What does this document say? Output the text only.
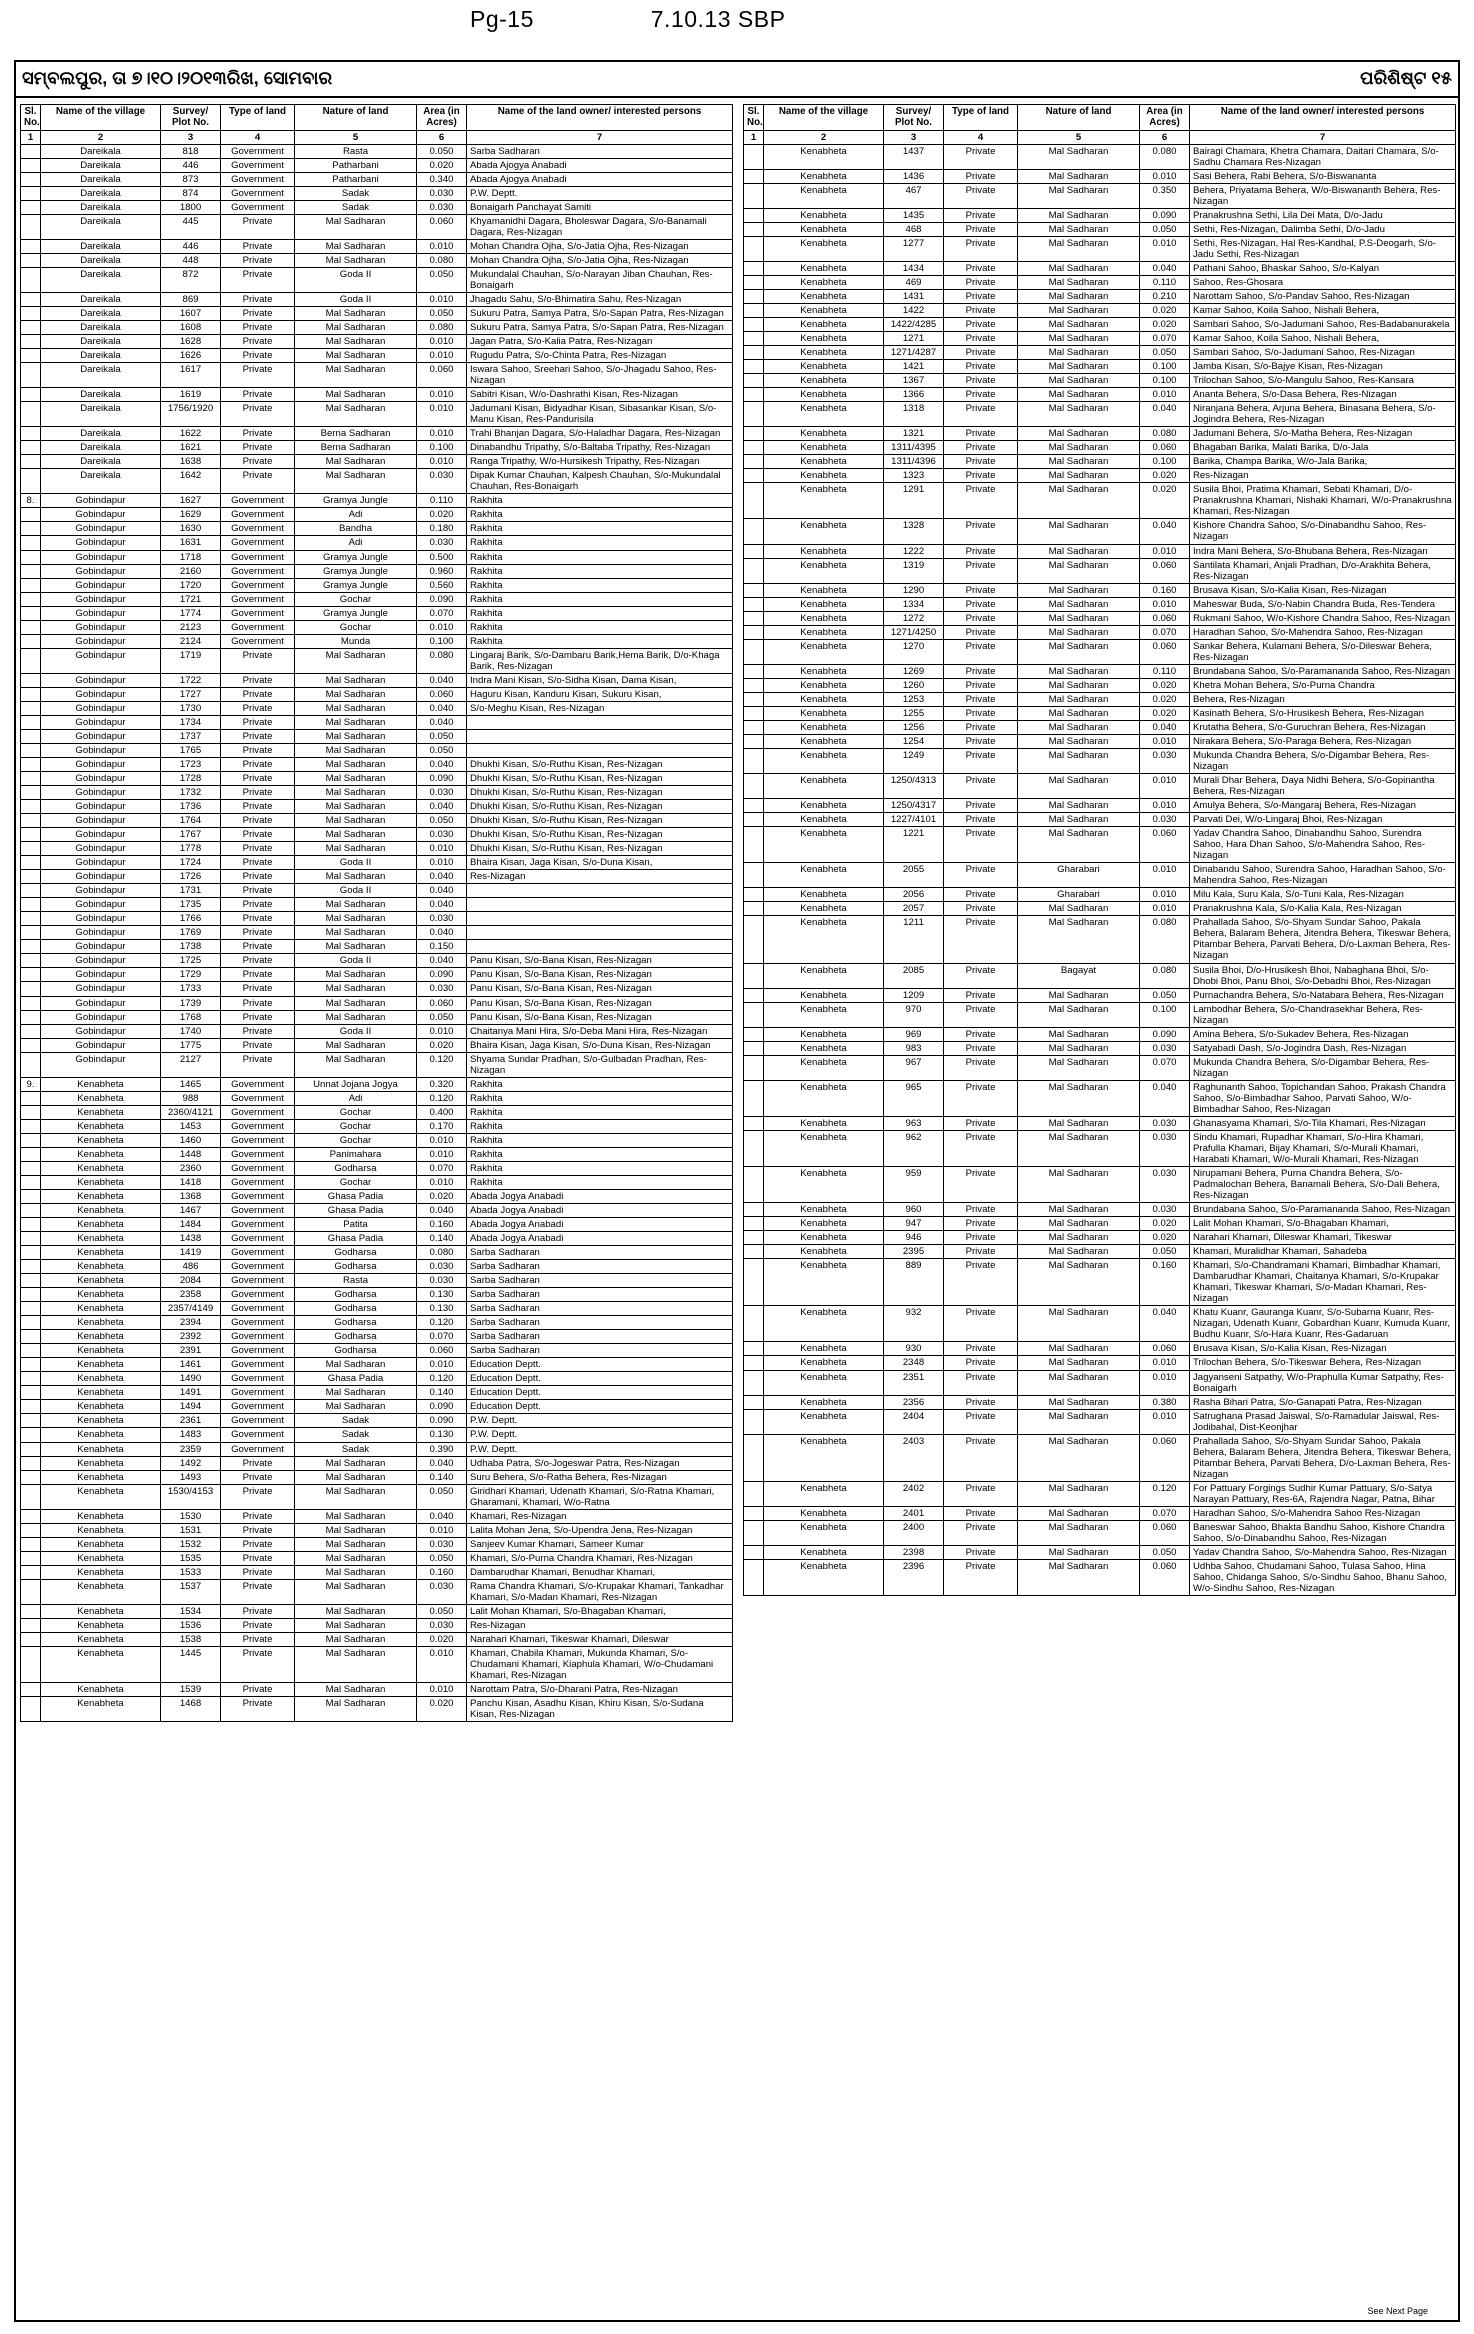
Pg-15	7.10.13 SBP
ସମ୍ବଲପୁର, ତା ୭।୧୦।୨୦୧୩ରିଖ, ସୋମବାର	ପରିଶିଷ୍ଟ ୧୫
Sl. No.	Name of the village	Survey/ Plot No.	Type of land	Nature of land	Area (in Acres)	Name of the land owner/ interested persons
1	2	3	4	5	6	7
	Dareikala	818	Government	Rasta	0.050	Sarba Sadharan
	Dareikala	446	Government	Patharbani	0.020	Abada Ajogya Anabadi
	Dareikala	873	Government	Patharbani	0.340	Abada Ajogya Anabadi
	Dareikala	874	Government	Sadak	0.030	P.W. Deptt.
	Dareikala	1800	Government	Sadak	0.030	Bonaigarh Panchayat Samiti
	Dareikala	445	Private	Mal Sadharan	0.060	Khyamanidhi Dagara, Bholeswar Dagara, S/o-Banamali Dagara, Res-Nizagan
	Dareikala	446	Private	Mal Sadharan	0.010	Mohan Chandra Ojha, S/o-Jatia Ojha, Res-Nizagan
	Dareikala	448	Private	Mal Sadharan	0.080	Mohan Chandra Ojha, S/o-Jatia Ojha, Res-Nizagan
	Dareikala	872	Private	Goda II	0.050	Mukundalal Chauhan, S/o-Narayan Jiban Chauhan, Res-Bonaigarh
	Dareikala	869	Private	Goda II	0.010	Jhagadu Sahu, S/o-Bhimatira Sahu, Res-Nizagan
	Dareikala	1607	Private	Mal Sadharan	0.050	Sukuru Patra, Samya Patra, S/o-Sapan Patra, Res-Nizagan
	Dareikala	1608	Private	Mal Sadharan	0.080	Sukuru Patra, Samya Patra, S/o-Sapan Patra, Res-Nizagan
	Dareikala	1628	Private	Mal Sadharan	0.010	Jagan Patra, S/o-Kalia Patra, Res-Nizagan
	Dareikala	1626	Private	Mal Sadharan	0.010	Rugudu Patra, S/o-Chinta Patra, Res-Nizagan
	Dareikala	1617	Private	Mal Sadharan	0.060	Iswara Sahoo, Sreehari Sahoo, S/o-Jhagadu Sahoo, Res-Nizagan
	Dareikala	1619	Private	Mal Sadharan	0.010	Sabitri Kisan, W/o-Dashrathi Kisan, Res-Nizagan
	Dareikala	1756/1920	Private	Mal Sadharan	0.010	Jadumani Kisan, Bidyadhar Kisan, Sibasankar Kisan, S/o-Manu Kisan, Res-Pandurisila
	Dareikala	1622	Private	Berna Sadharan	0.010	Trahi Bhanjan Dagara, S/o-Haladhar Dagara, Res-Nizagan
	Dareikala	1621	Private	Berna Sadharan	0.100	Dinabandhu Tripathy, S/o-Baltaba Tripathy, Res-Nizagan
	Dareikala	1638	Private	Mal Sadharan	0.010	Ranga Tripathy, W/o-Hursikesh Tripathy, Res-Nizagan
	Dareikala	1642	Private	Mal Sadharan	0.030	Dipak Kumar Chauhan, Kalpesh Chauhan, S/o-Mukundalal Chauhan, Res-Bonaigarh
8.	Gobindapur	1627	Government	Gramya Jungle	0.110	Rakhita
	Gobindapur	1629	Government	Adi	0.020	Rakhita
	Gobindapur	1630	Government	Bandha	0.180	Rakhita
	Gobindapur	1631	Government	Adi	0.030	Rakhita
	Gobindapur	1718	Government	Gramya Jungle	0.500	Rakhita
	Gobindapur	2160	Government	Gramya Jungle	0.960	Rakhita
	Gobindapur	1720	Government	Gramya Jungle	0.560	Rakhita
	Gobindapur	1721	Government	Gochar	0.090	Rakhita
	Gobindapur	1774	Government	Gramya Jungle	0.070	Rakhita
	Gobindapur	2123	Government	Gochar	0.010	Rakhita
	Gobindapur	2124	Government	Munda	0.100	Rakhita
	Gobindapur	1719	Private	Mal Sadharan	0.080	Lingaraj Barik, S/o-Dambaru Barik,Hema Barik, D/o-Khaga Barik, Res-Nizagan
	Gobindapur	1722	Private	Mal Sadharan	0.040	Indra Mani Kisan, S/o-Sidha Kisan, Dama Kisan,
	Gobindapur	1727	Private	Mal Sadharan	0.060	Haguru Kisan, Kanduru Kisan, Sukuru Kisan,
	Gobindapur	1730	Private	Mal Sadharan	0.040	S/o-Meghu Kisan, Res-Nizagan
	Gobindapur	1734	Private	Mal Sadharan	0.040	
	Gobindapur	1737	Private	Mal Sadharan	0.050	
	Gobindapur	1765	Private	Mal Sadharan	0.050	
	Gobindapur	1723	Private	Mal Sadharan	0.040	Dhukhi Kisan, S/o-Ruthu Kisan, Res-Nizagan
	Gobindapur	1728	Private	Mal Sadharan	0.090	Dhukhi Kisan, S/o-Ruthu Kisan, Res-Nizagan
	Gobindapur	1732	Private	Mal Sadharan	0.030	Dhukhi Kisan, S/o-Ruthu Kisan, Res-Nizagan
	Gobindapur	1736	Private	Mal Sadharan	0.040	Dhukhi Kisan, S/o-Ruthu Kisan, Res-Nizagan
	Gobindapur	1764	Private	Mal Sadharan	0.050	Dhukhi Kisan, S/o-Ruthu Kisan, Res-Nizagan
	Gobindapur	1767	Private	Mal Sadharan	0.030	Dhukhi Kisan, S/o-Ruthu Kisan, Res-Nizagan
	Gobindapur	1778	Private	Mal Sadharan	0.010	Dhukhi Kisan, S/o-Ruthu Kisan, Res-Nizagan
	Gobindapur	1724	Private	Goda II	0.010	Bhaira Kisan, Jaga Kisan, S/o-Duna Kisan,
	Gobindapur	1726	Private	Mal Sadharan	0.040	Res-Nizagan
	Gobindapur	1731	Private	Goda II	0.040	
	Gobindapur	1735	Private	Mal Sadharan	0.040	
	Gobindapur	1766	Private	Mal Sadharan	0.030	
	Gobindapur	1769	Private	Mal Sadharan	0.040	
	Gobindapur	1738	Private	Mal Sadharan	0.150	
	Gobindapur	1725	Private	Goda II	0.040	Panu Kisan, S/o-Bana Kisan, Res-Nizagan
	Gobindapur	1729	Private	Mal Sadharan	0.090	Panu Kisan, S/o-Bana Kisan, Res-Nizagan
	Gobindapur	1733	Private	Mal Sadharan	0.030	Panu Kisan, S/o-Bana Kisan, Res-Nizagan
	Gobindapur	1739	Private	Mal Sadharan	0.060	Panu Kisan, S/o-Bana Kisan, Res-Nizagan
	Gobindapur	1768	Private	Mal Sadharan	0.050	Panu Kisan, S/o-Bana Kisan, Res-Nizagan
	Gobindapur	1740	Private	Goda II	0.010	Chaitanya Mani Hira, S/o-Deba Mani Hira, Res-Nizagan
	Gobindapur	1775	Private	Mal Sadharan	0.020	Bhaira Kisan, Jaga Kisan, S/o-Duna Kisan, Res-Nizagan
	Gobindapur	2127	Private	Mal Sadharan	0.120	Shyama Sundar Pradhan, S/o-Gulbadan Pradhan, Res-Nizagan
9.	Kenabheta	1465	Government	Unnat Jojana Jogya	0.320	Rakhita
	Kenabheta	988	Government	Adi	0.120	Rakhita
	Kenabheta	2360/4121	Government	Gochar	0.400	Rakhita
	Kenabheta	1453	Government	Gochar	0.170	Rakhita
	Kenabheta	1460	Government	Gochar	0.010	Rakhita
	Kenabheta	1448	Government	Panimahara	0.010	Rakhita
	Kenabheta	2360	Government	Godharsa	0.070	Rakhita
	Kenabheta	1418	Government	Gochar	0.010	Rakhita
	Kenabheta	1368	Government	Ghasa Padia	0.020	Abada Jogya Anabadi
	Kenabheta	1467	Government	Ghasa Padia	0.040	Abada Jogya Anabadi
	Kenabheta	1484	Government	Patita	0.160	Abada Jogya Anabadi
	Kenabheta	1438	Government	Ghasa Padia	0.140	Abada Jogya Anabadi
	Kenabheta	1419	Government	Godharsa	0.080	Sarba Sadharan
	Kenabheta	486	Government	Godharsa	0.030	Sarba Sadharan
	Kenabheta	2084	Government	Rasta	0.030	Sarba Sadharan
	Kenabheta	2358	Government	Godharsa	0.130	Sarba Sadharan
	Kenabheta	2357/4149	Government	Godharsa	0.130	Sarba Sadharan
	Kenabheta	2394	Government	Godharsa	0.120	Sarba Sadharan
	Kenabheta	2392	Government	Godharsa	0.070	Sarba Sadharan
	Kenabheta	2391	Government	Godharsa	0.060	Sarba Sadharan
	Kenabheta	1461	Government	Mal Sadharan	0.010	Education Deptt.
	Kenabheta	1490	Government	Ghasa Padia	0.120	Education Deptt.
	Kenabheta	1491	Government	Mal Sadharan	0.140	Education Deptt.
	Kenabheta	1494	Government	Mal Sadharan	0.090	Education Deptt.
	Kenabheta	2361	Government	Sadak	0.090	P.W. Deptt.
	Kenabheta	1483	Government	Sadak	0.130	P.W. Deptt.
	Kenabheta	2359	Government	Sadak	0.390	P.W. Deptt.
	Kenabheta	1492	Private	Mal Sadharan	0.040	Udhaba Patra, S/o-Jogeswar Patra, Res-Nizagan
	Kenabheta	1493	Private	Mal Sadharan	0.140	Suru Behera, S/o-Ratha Behera, Res-Nizagan
	Kenabheta	1530/4153	Private	Mal Sadharan	0.050	Giridhari Khamari, Udenath Khamari, S/o-Ratna Khamari, Gharamani, Khamari, W/o-Ratna
	Kenabheta	1530	Private	Mal Sadharan	0.040	Khamari, Res-Nizagan
	Kenabheta	1531	Private	Mal Sadharan	0.010	Lalita Mohan Jena, S/o-Upendra Jena, Res-Nizagan
	Kenabheta	1532	Private	Mal Sadharan	0.030	Sanjeev Kumar Khamari, Sameer Kumar
	Kenabheta	1535	Private	Mal Sadharan	0.050	Khamari, S/o-Purna Chandra Khamari, Res-Nizagan
	Kenabheta	1533	Private	Mal Sadharan	0.160	Dambarudhar Khamari, Benudhar Khamari,
	Kenabheta	1537	Private	Mal Sadharan	0.030	Rama Chandra Khamari, S/o-Krupakar Khamari, Tankadhar Khamari, S/o-Madan Khamari, Res-Nizagan
	Kenabheta	1534	Private	Mal Sadharan	0.050	Lalit Mohan Khamari, S/o-Bhagaban Khamari,
	Kenabheta	1536	Private	Mal Sadharan	0.030	Res-Nizagan
	Kenabheta	1538	Private	Mal Sadharan	0.020	Narahari Khamari, Tikeswar Khamari, Dileswar
	Kenabheta	1445	Private	Mal Sadharan	0.010	Khamari, Chabila Khamari, Mukunda Khamari, S/o-Chudamani Khamari, Kiaphula Khamari, W/o-Chudamani Khamari, Res-Nizagan
	Kenabheta	1539	Private	Mal Sadharan	0.010	Narottam Patra, S/o-Dharani Patra, Res-Nizagan
	Kenabheta	1468	Private	Mal Sadharan	0.020	Panchu Kisan, Asadhu Kisan, Khiru Kisan, S/o-Sudana Kisan, Res-Nizagan
Sl. No.	Name of the village	Survey/ Plot No.	Type of land	Nature of land	Area (in Acres)	Name of the land owner/ interested persons
1	2	3	4	5	6	7
	Kenabheta	1437	Private	Mal Sadharan	0.080	Bairagi Chamara, Khetra Chamara, Daitari Chamara, S/o-Sadhu Chamara Res-Nizagan
	Kenabheta	1436	Private	Mal Sadharan	0.010	Sasi Behera, Rabi Behera, S/o-Biswananta
	Kenabheta	467	Private	Mal Sadharan	0.350	Behera, Priyatama Behera, W/o-Biswananth Behera, Res-Nizagan
	Kenabheta	1435	Private	Mal Sadharan	0.090	Pranakrushna Sethi, Lila Dei Mata, D/o-Jadu
	Kenabheta	468	Private	Mal Sadharan	0.050	Sethi, Res-Nizagan, Dalimba Sethi, D/o-Jadu
	Kenabheta	1277	Private	Mal Sadharan	0.010	Sethi, Res-Nizagan, Hal Res-Kandhal, P.S-Deogarh, S/o-Jadu Sethi, Res-Nizagan
	Kenabheta	1434	Private	Mal Sadharan	0.040	Pathani Sahoo, Bhaskar Sahoo, S/o-Kalyan
	Kenabheta	469	Private	Mal Sadharan	0.110	Sahoo, Res-Ghosara
	Kenabheta	1431	Private	Mal Sadharan	0.210	Narottam Sahoo, S/o-Pandav Sahoo, Res-Nizagan
	Kenabheta	1422	Private	Mal Sadharan	0.020	Kamar Sahoo, Koila Sahoo, Nishali Behera,
	Kenabheta	1422/4285	Private	Mal Sadharan	0.020	Sambari Sahoo, S/o-Jadumani Sahoo, Res-Badabanurakela
	Kenabheta	1271	Private	Mal Sadharan	0.070	Kamar Sahoo, Koila Sahoo, Nishali Behera,
	Kenabheta	1271/4287	Private	Mal Sadharan	0.050	Sambari Sahoo, S/o-Jadumani Sahoo, Res-Nizagan
	Kenabheta	1421	Private	Mal Sadharan	0.100	Jamba Kisan, S/o-Bajye Kisan, Res-Nizagan
	Kenabheta	1367	Private	Mal Sadharan	0.100	Trilochan Sahoo, S/o-Mangulu Sahoo, Res-Kansara
	Kenabheta	1366	Private	Mal Sadharan	0.010	Ananta Behera, S/o-Dasa Behera, Res-Nizagan
	Kenabheta	1318	Private	Mal Sadharan	0.040	Niranjana Behera, Arjuna Behera, Binasana Behera, S/o-Jogindra Behera, Res-Nizagan
	Kenabheta	1321	Private	Mal Sadharan	0.080	Jadumani Behera, S/o-Matha Behera, Res-Nizagan
	Kenabheta	1311/4395	Private	Mal Sadharan	0.060	Bhagaban Barika, Malati Barika, D/o-Jala
	Kenabheta	1311/4396	Private	Mal Sadharan	0.100	Barika, Champa Barika, W/o-Jala Barika,
	Kenabheta	1323	Private	Mal Sadharan	0.020	Res-Nizagan
	Kenabheta	1291	Private	Mal Sadharan	0.020	Susila Bhoi, Pratima Khamari, Sebati Khamari, D/o-Pranakrushna Khamari, Nishaki Khamari, W/o-Pranakrushna Khamari, Res-Nizagan
	Kenabheta	1328	Private	Mal Sadharan	0.040	Kishore Chandra Sahoo, S/o-Dinabandhu Sahoo, Res-Nizagan
	Kenabheta	1222	Private	Mal Sadharan	0.010	Indra Mani Behera, S/o-Bhubana Behera, Res-Nizagan
	Kenabheta	1319	Private	Mal Sadharan	0.060	Santilata Khamari, Anjali Pradhan, D/o-Arakhita Behera, Res-Nizagan
	Kenabheta	1290	Private	Mal Sadharan	0.160	Brusava Kisan, S/o-Kalia Kisan, Res-Nizagan
	Kenabheta	1334	Private	Mal Sadharan	0.010	Maheswar Buda, S/o-Nabin Chandra Buda, Res-Tendera
	Kenabheta	1272	Private	Mal Sadharan	0.060	Rukmani Sahoo, W/o-Kishore Chandra Sahoo, Res-Nizagan
	Kenabheta	1271/4250	Private	Mal Sadharan	0.070	Haradhan Sahoo, S/o-Mahendra Sahoo, Res-Nizagan
	Kenabheta	1270	Private	Mal Sadharan	0.060	Sankar Behera, Kulamani Behera, S/o-Dileswar Behera, Res-Nizagan
	Kenabheta	1269	Private	Mal Sadharan	0.110	Brundabana Sahoo, S/o-Paramananda Sahoo, Res-Nizagan
	Kenabheta	1260	Private	Mal Sadharan	0.020	Khetra Mohan Behera, S/o-Purna Chandra
	Kenabheta	1253	Private	Mal Sadharan	0.020	Behera, Res-Nizagan
	Kenabheta	1255	Private	Mal Sadharan	0.020	Kasinath Behera, S/o-Hrusikesh Behera, Res-Nizagan
	Kenabheta	1256	Private	Mal Sadharan	0.040	Krutatha Behera, S/o-Guruchran Behera, Res-Nizagan
	Kenabheta	1254	Private	Mal Sadharan	0.010	Nirakara Behera, S/o-Paraga Behera, Res-Nizagan
	Kenabheta	1249	Private	Mal Sadharan	0.030	Mukunda Chandra Behera, S/o-Digambar Behera, Res-Nizagan
	Kenabheta	1250/4313	Private	Mal Sadharan	0.010	Murali Dhar Behera, Daya Nidhi Behera, S/o-Gopinantha Behera, Res-Nizagan
	Kenabheta	1250/4317	Private	Mal Sadharan	0.010	Amulya Behera, S/o-Mangaraj Behera, Res-Nizagan
	Kenabheta	1227/4101	Private	Mal Sadharan	0.030	Parvati Dei, W/o-Lingaraj Bhoi, Res-Nizagan
	Kenabheta	1221	Private	Mal Sadharan	0.060	Yadav Chandra Sahoo, Dinabandhu Sahoo, Surendra Sahoo, Hara Dhan Sahoo, S/o-Mahendra Sahoo, Res-Nizagan
	Kenabheta	2055	Private	Gharabari	0.010	Dinabandu Sahoo, Surendra Sahoo, Haradhan Sahoo, S/o-Mahendra Sahoo, Res-Nizagan
	Kenabheta	2056	Private	Gharabari	0.010	Milu Kala, Suru Kala, S/o-Tuni Kala, Res-Nizagan
	Kenabheta	2057	Private	Mal Sadharan	0.010	Pranakrushna Kala, S/o-Kalia Kala, Res-Nizagan
	Kenabheta	1211	Private	Mal Sadharan	0.080	Prahallada Sahoo, S/o-Shyam Sundar Sahoo, Pakala Behera, Balaram Behera, Jitendra Behera, Tikeswar Behera, Pitambar Behera, Parvati Behera, D/o-Laxman Behera, Res-Nizagan
	Kenabheta	2085	Private	Bagayat	0.080	Susila Bhoi, D/o-Hrusikesh Bhoi, Nabaghana Bhoi, S/o-Dhobi Bhoi, Panu Bhoi, S/o-Debadhi Bhoi, Res-Nizagan
	Kenabheta	1209	Private	Mal Sadharan	0.050	Purnachandra Behera, S/o-Natabara Behera, Res-Nizagan
	Kenabheta	970	Private	Mal Sadharan	0.100	Lambodhar Behera, S/o-Chandrasekhar Behera, Res-Nizagan
	Kenabheta	969	Private	Mal Sadharan	0.090	Amina Behera, S/o-Sukadev Behera, Res-Nizagan
	Kenabheta	983	Private	Mal Sadharan	0.030	Satyabadi Dash, S/o-Jogindra Dash, Res-Nizagan
	Kenabheta	967	Private	Mal Sadharan	0.070	Mukunda Chandra Behera, S/o-Digambar Behera, Res-Nizagan
	Kenabheta	965	Private	Mal Sadharan	0.040	Raghunanth Sahoo, Topichandan Sahoo, Prakash Chandra Sahoo, S/o-Bimbadhar Sahoo, Parvati Sahoo, W/o-Bimbadhar Sahoo, Res-Nizagan
	Kenabheta	963	Private	Mal Sadharan	0.030	Ghanasyama Khamari, S/o-Tila Khamari, Res-Nizagan
	Kenabheta	962	Private	Mal Sadharan	0.030	Sindu Khamari, Rupadhar Khamari, S/o-Hira Khamari, Prafulla Khamari, Bijay Khamari, S/o-Murali Khamari, Harabati Khamari, W/o-Murali Khamari, Res-Nizagan
	Kenabheta	959	Private	Mal Sadharan	0.030	Nirupamani Behera, Purna Chandra Behera, S/o-Padmalochan Behera, Banamali Behera, S/o-Dali Behera, Res-Nizagan
	Kenabheta	960	Private	Mal Sadharan	0.030	Brundabana Sahoo, S/o-Paramananda Sahoo, Res-Nizagan
	Kenabheta	947	Private	Mal Sadharan	0.020	Lalit Mohan Khamari, S/o-Bhagaban Khamari,
	Kenabheta	946	Private	Mal Sadharan	0.020	Narahari Khamari, Dileswar Khamari, Tikeswar
	Kenabheta	2395	Private	Mal Sadharan	0.050	Khamari, Muralidhar Khamari, Sahadeba
	Kenabheta	889	Private	Mal Sadharan	0.160	Khamari, S/o-Chandramani Khamari, Bimbadhar Khamari, Dambarudhar Khamari, Chaitanya Khamari, S/o-Krupakar Khamari, Tikeswar Khamari, S/o-Madan Khamari, Res-Nizagan
	Kenabheta	932	Private	Mal Sadharan	0.040	Khatu Kuanr, Gauranga Kuanr, S/o-Subarna Kuanr, Res-Nizagan, Udenath Kuanr, Gobardhan Kuanr, Kumuda Kuanr, Budhu Kuanr, S/o-Hara Kuanr, Res-Gadaruan
	Kenabheta	930	Private	Mal Sadharan	0.060	Brusava Kisan, S/o-Kalia Kisan, Res-Nizagan
	Kenabheta	2348	Private	Mal Sadharan	0.010	Trilochan Behera, S/o-Tikeswar Behera, Res-Nizagan
	Kenabheta	2351	Private	Mal Sadharan	0.010	Jagyanseni Satpathy, W/o-Praphulla Kumar Satpathy, Res-Bonaigarh
	Kenabheta	2356	Private	Mal Sadharan	0.380	Rasha Bihari Patra, S/o-Ganapati Patra, Res-Nizagan
	Kenabheta	2404	Private	Mal Sadharan	0.010	Satrughana Prasad Jaiswal, S/o-Ramadular Jaiswal, Res-Jodibahal, Dist-Keonjhar
	Kenabheta	2403	Private	Mal Sadharan	0.060	Prahallada Sahoo, S/o-Shyam Sundar Sahoo, Pakala Behera, Balaram Behera, Jitendra Behera, Tikeswar Behera, Pitambar Behera, Parvati Behera, D/o-Laxman Behera, Res-Nizagan
	Kenabheta	2402	Private	Mal Sadharan	0.120	For Pattuary Forgings Sudhir Kumar Pattuary, S/o-Satya Narayan Pattuary, Res-6A, Rajendra Nagar, Patna, Bihar
	Kenabheta	2401	Private	Mal Sadharan	0.070	Haradhan Sahoo, S/o-Mahendra Sahoo Res-Nizagan
	Kenabheta	2400	Private	Mal Sadharan	0.060	Baneswar Sahoo, Bhakta Bandhu Sahoo, Kishore Chandra Sahoo, S/o-Dinabandhu Sahoo, Res-Nizagan
	Kenabheta	2398	Private	Mal Sadharan	0.050	Yadav Chandra Sahoo, S/o-Mahendra Sahoo, Res-Nizagan
	Kenabheta	2396	Private	Mal Sadharan	0.060	Udhba Sahoo, Chudamani Sahoo, Tulasa Sahoo, Hina Sahoo, Chidanga Sahoo, S/o-Sindhu Sahoo, Bhanu Sahoo, W/o-Sindhu Sahoo, Res-Nizagan
See Next Page
